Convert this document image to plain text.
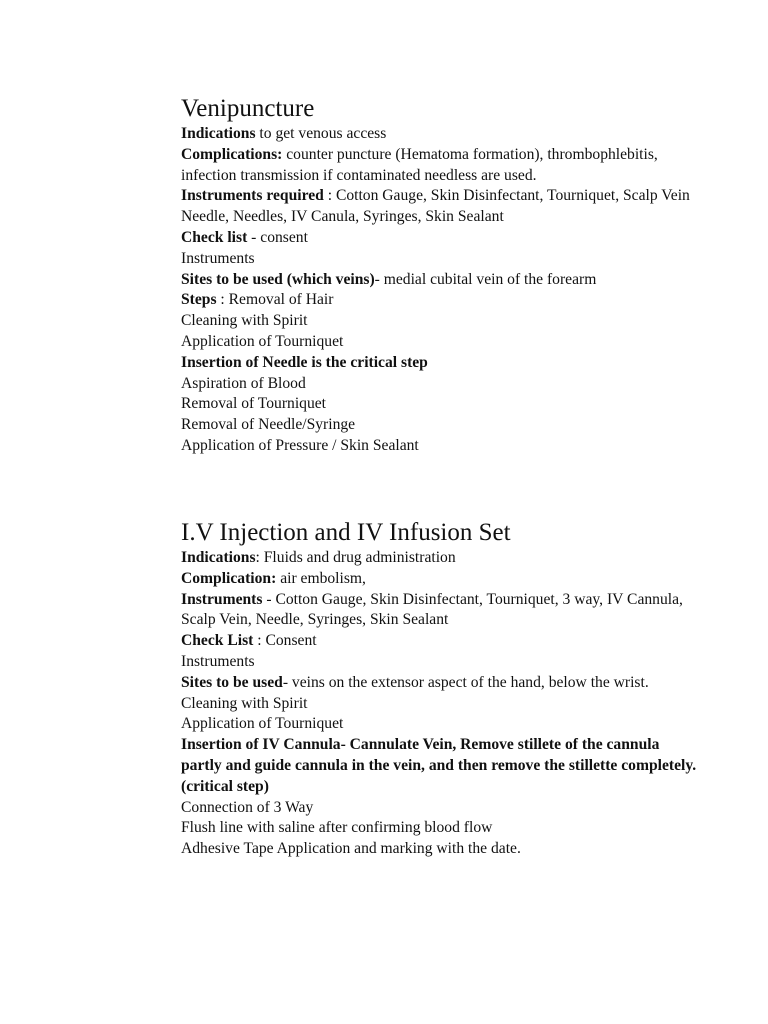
Venipuncture

Indications to get venous access

Complications: counter puncture (Hematoma formation), thrombophlebitis, infection transmission if contaminated needless are used.

Instruments required : Cotton Gauge, Skin Disinfectant, Tourniquet, Scalp Vein Needle, Needles, IV Canula, Syringes, Skin Sealant

Check list - consent

Instruments

Sites to be used (which veins)- medial cubital vein of the forearm

Steps : Removal of Hair

Cleaning with Spirit

Application of Tourniquet

Insertion of Needle is the critical step

Aspiration of Blood

Removal of Tourniquet

Removal of Needle/Syringe

Application of Pressure / Skin Sealant

I.V Injection and IV Infusion Set

Indications: Fluids and drug administration

Complication: air embolism,

Instruments - Cotton Gauge, Skin Disinfectant, Tourniquet, 3 way, IV Cannula, Scalp Vein, Needle, Syringes, Skin Sealant

Check List : Consent

Instruments

Sites to be used- veins on the extensor aspect of the hand, below the wrist.

Cleaning with Spirit

Application of Tourniquet

Insertion of IV Cannula- Cannulate Vein, Remove stillete of the cannula partly and guide cannula in the vein, and then remove the stillette completely. (critical step)

Connection of 3 Way

Flush line with saline after confirming blood flow

Adhesive Tape Application and marking with the date.
